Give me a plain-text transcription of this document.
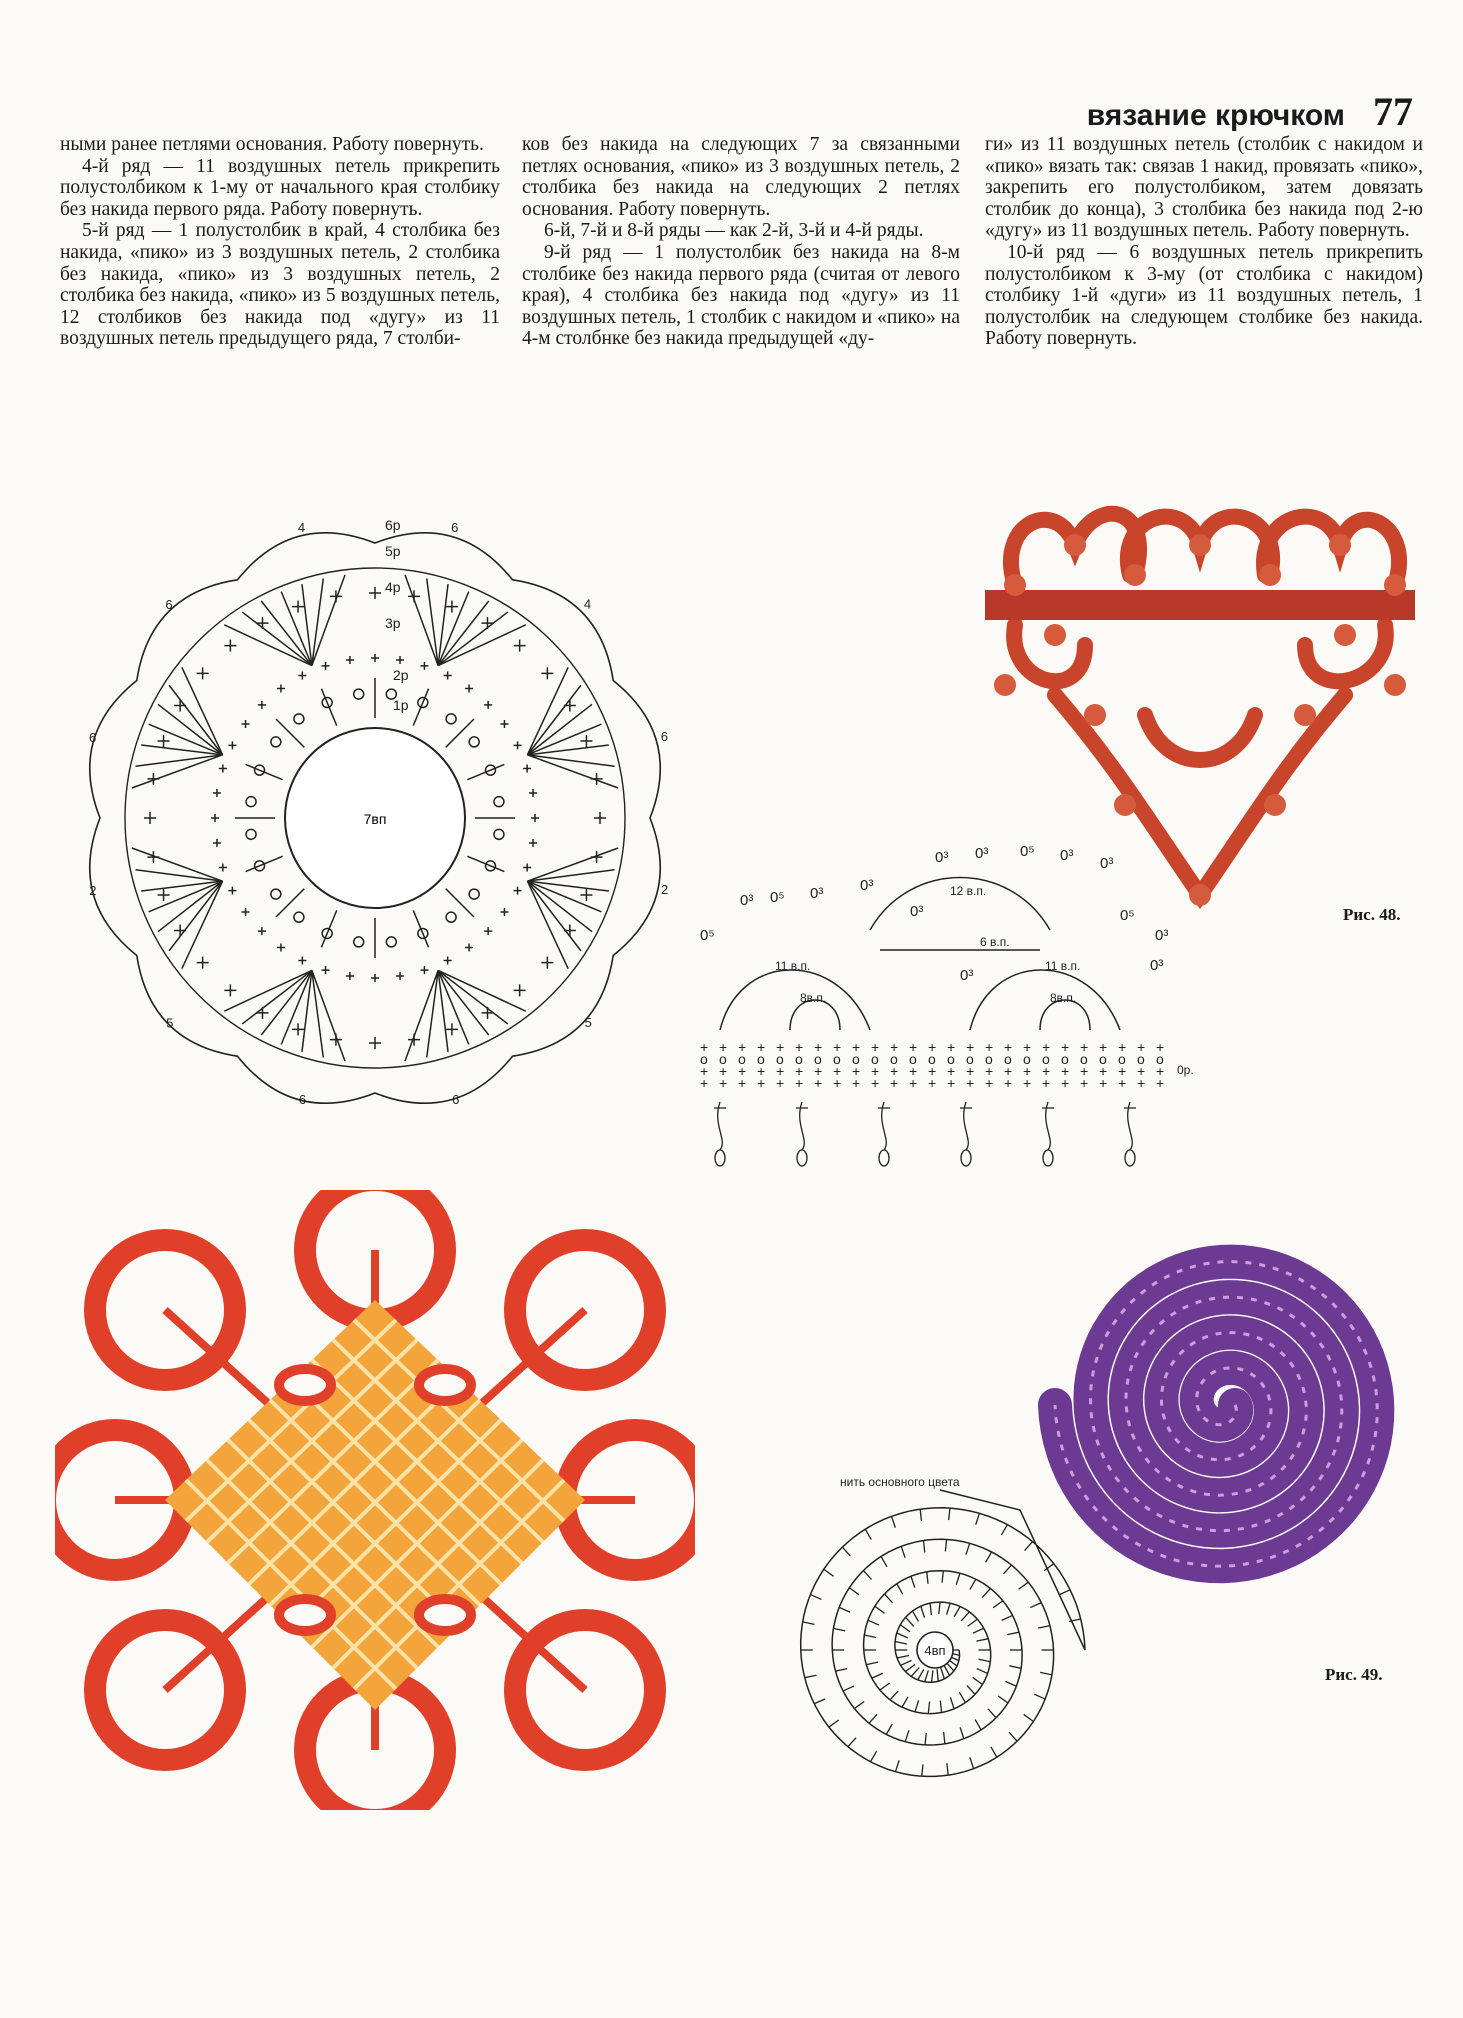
вязание крючком 77

ными ранее петлями основания. Работу повернуть.

4-й ряд — 11 воздушных петель прикрепить полустолбиком к 1-му от начального края столбику без накида первого ряда. Работу повернуть.

5-й ряд — 1 полустолбик в край, 4 столбика без накида, «пико» из 3 воздушных петель, 2 столбика без накида, «пико» из 3 воздушных петель, 2 столбика без накида, «пико» из 5 воздушных петель, 12 столбиков без накида под «дугу» из 11 воздушных петель предыдущего ряда, 7 столби-

ков без накида на следующих 7 за связанными петлях основания, «пико» из 3 воздушных петель, 2 столбика без накида на следующих 2 петлях основания. Работу повернуть.

6-й, 7-й и 8-й ряды — как 2-й, 3-й и 4-й ряды.

9-й ряд — 1 полустолбик без накида на 8-м столбике без накида первого ряда (считая от левого края), 4 столбика без накида под «дугу» из 11 воздушных петель, 1 столбик с накидом и «пико» на 4-м столбнке без накида предыдущей «ду-

ги» из 11 воздушных петель (столбик с накидом и «пико» вязать так: связав 1 накид, провязать «пико», закрепить его полустолбиком, затем довязать столбик до конца), 3 столбика без накида под 2-ю «дугу» из 11 воздушных петель. Работу повернуть.

10-й ряд — 6 воздушных петель прикрепить полустолбиком к 3-му (от столбика с накидом) столбику 1-й «дуги» из 11 воздушных петель, 1 полустолбик на следующем столбике без накида. Работу повернуть.

7вп
6р
5р
4р
3р
2р
1р
6
4
6
2
5
6
6
5
2
6
6
4
Рис. 48.
+ + + + + + + + + + + + + + + + + + + + + + + + +
o o o o o o o o o o o o o o o o o o o o o o o o o
+ + + + + + + + + + + + + + + + + + + + + + + + +
+ + + + + + + + + + + + + + + + + + + + + + + + +
12 в.п.
6 в.п.
11 в.п.	11 в.п.
8в.п.	8в.п.
0р.
0³ 0³ 0⁵ 0³ 0³
0³ 0⁵ 0³ 0³
0³	0⁵
0³
0⁵
0³
0³
нить основного цвета
4вп
Рис. 49.
